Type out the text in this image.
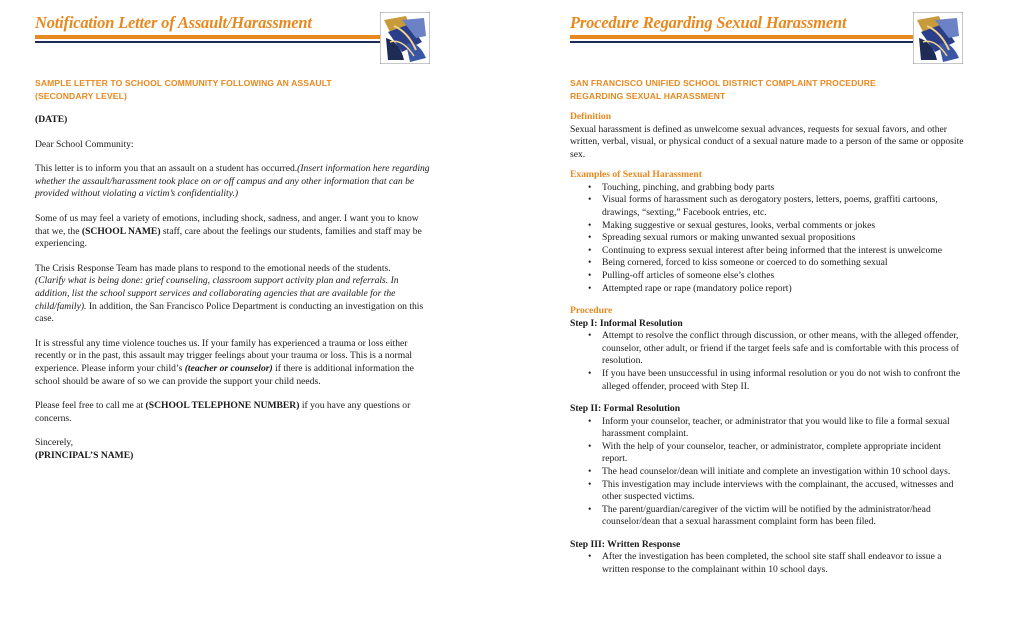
Notification Letter of Assault/Harassment
SAMPLE LETTER TO SCHOOL COMMUNITY FOLLOWING AN ASSAULT
(SECONDARY LEVEL)

(DATE)

Dear School Community:

This letter is to inform you that an assault on a student has occurred.(Insert information here regarding whether the assault/harassment took place on or off campus and any other information that can be provided without violating a victim’s confidentiality.)

Some of us may feel a variety of emotions, including shock, sadness, and anger. I want you to know that we, the (SCHOOL NAME) staff, care about the feelings our students, families and staff may be experiencing.

The Crisis Response Team has made plans to respond to the emotional needs of the students.

(Clarify what is being done: grief counseling, classroom support activity plan and referrals. In addition, list the school support services and collaborating agencies that are available for the child/family). In addition, the San Francisco Police Department is conducting an investigation on this case.

It is stressful any time violence touches us. If your family has experienced a trauma or loss either recently or in the past, this assault may trigger feelings about your trauma or loss. This is a normal experience. Please inform your child’s (teacher or counselor) if there is additional information the school should be aware of so we can provide the support your child needs.

Please feel free to call me at (SCHOOL TELEPHONE NUMBER) if you have any questions or concerns.

Sincerely,

(PRINCIPAL’S NAME)

Procedure Regarding Sexual Harassment
SAN FRANCISCO UNIFIED SCHOOL DISTRICT COMPLAINT PROCEDURE
REGARDING SEXUAL HARASSMENT
Definition

Sexual harassment is defined as unwelcome sexual advances, requests for sexual favors, and other written, verbal, visual, or physical conduct of a sexual nature made to a person of the same or opposite sex.

Examples of Sexual Harassment
• Touching, pinching, and grabbing body parts
• Visual forms of harassment such as derogatory posters, letters, poems, graffiti cartoons, drawings, “sexting,” Facebook entries, etc.
• Making suggestive or sexual gestures, looks, verbal comments or jokes
• Spreading sexual rumors or making unwanted sexual propositions
• Continuing to express sexual interest after being informed that the interest is unwelcome
• Being cornered, forced to kiss someone or coerced to do something sexual
• Pulling-off articles of someone else’s clothes
• Attempted rape or rape (mandatory police report)
Procedure
Step I: Informal Resolution
• Attempt to resolve the conflict through discussion, or other means, with the alleged offender, counselor, other adult, or friend if the target feels safe and is comfortable with this process of resolution.
• If you have been unsuccessful in using informal resolution or you do not wish to confront the alleged offender, proceed with Step II.
Step II: Formal Resolution
• Inform your counselor, teacher, or administrator that you would like to file a formal sexual harassment complaint.
• With the help of your counselor, teacher, or administrator, complete appropriate incident report.
• The head counselor/dean will initiate and complete an investigation within 10 school days.
• This investigation may include interviews with the complainant, the accused, witnesses and other suspected victims.
• The parent/guardian/caregiver of the victim will be notified by the administrator/head counselor/dean that a sexual harassment complaint form has been filed.
Step III: Written Response
• After the investigation has been completed, the school site staff shall endeavor to issue a written response to the complainant within 10 school days.
